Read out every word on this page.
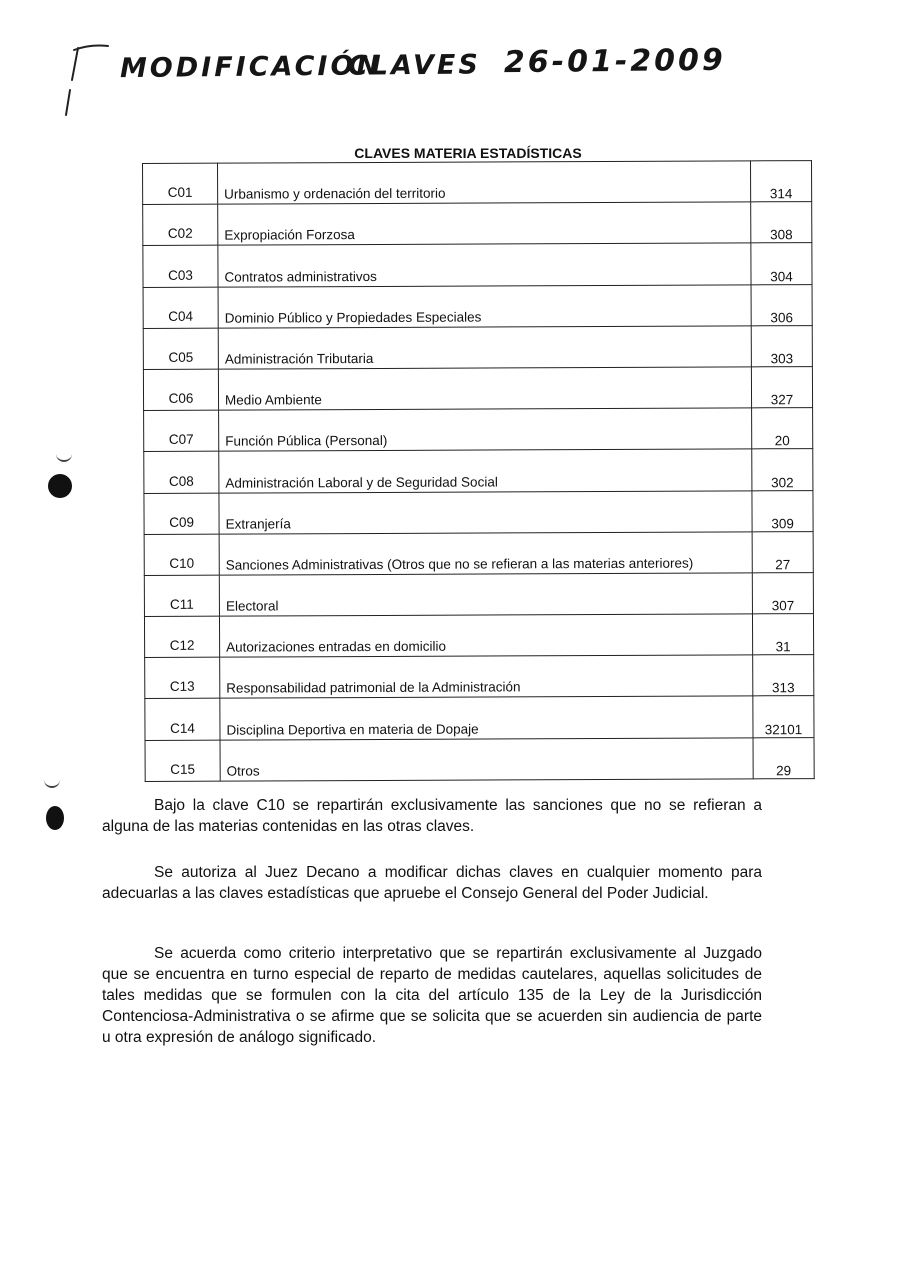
MODIFICACIÓN
CLAVES 26-01-2009
CLAVES MATERIA ESTADÍSTICAS
C01	Urbanismo y ordenación del territorio	314
C02	Expropiación Forzosa	308
C03	Contratos administrativos	304
C04	Dominio Público y Propiedades Especiales	306
C05	Administración Tributaria	303
C06	Medio Ambiente	327
C07	Función Pública (Personal)	20
C08	Administración Laboral y de Seguridad Social	302
C09	Extranjería	309
C10	Sanciones Administrativas (Otros que no se refieran a las materias anteriores)	27
C11	Electoral	307
C12	Autorizaciones entradas en domicilio	31
C13	Responsabilidad patrimonial de la Administración	313
C14	Disciplina Deportiva en materia de Dopaje	32101
C15	Otros	29

Bajo la clave C10 se repartirán exclusivamente las sanciones que no se refieran a alguna de las materias contenidas en las otras claves.

Se autoriza al Juez Decano a modificar dichas claves en cualquier momento para adecuarlas a las claves estadísticas que apruebe el Consejo General del Poder Judicial.

Se acuerda como criterio interpretativo que se repartirán exclusivamente al Juzgado que se encuentra en turno especial de reparto de medidas cautelares, aquellas solicitudes de tales medidas que se formulen con la cita del artículo 135 de la Ley de la Jurisdicción Contenciosa-Administrativa o se afirme que se solicita que se acuerden sin audiencia de parte u otra expresión de análogo significado.
